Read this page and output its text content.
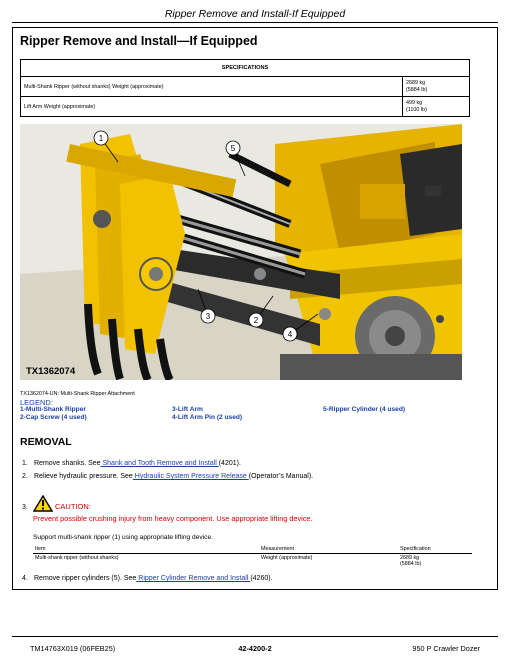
Ripper Remove and Install-If Equipped
Ripper Remove and Install—If Equipped
SPECIFICATIONS	
Multi-Shank Ripper (without shanks) Weight (approximate)	2689 kg
(5884 lb)
Lift Arm Weight (approximate)	499 kg
(1100 lb)
1
2
3
4
5
TX1362074
TX1362074-UN: Multi-Shank Ripper Attachment
LEGEND:
1-Multi-Shank Ripper
2-Cap Screw (4 used)
3-Lift Arm
4-Lift Arm Pin (2 used)
5-Ripper Cylinder (4 used)
REMOVAL
1. Remove shanks. See Shank and Tooth Remove and Install (4201).
2. Relieve hydraulic pressure. See Hydraulic System Pressure Release (Operator’s Manual).
3.	CAUTION:
Prevent possible crushing injury from heavy component. Use appropriate lifting device.
Support multi-shank ripper (1) using appropriate lifting device.
Item	Measurement	Specification
Multi-shank ripper (without shanks)	Weight (approximate)	2689 kg
(5884 lb)
4. Remove ripper cylinders (5). See Ripper Cylinder Remove and Install (4260).
TM14763X019 (06FEB25)	42-4200-2	950 P Crawler Dozer
